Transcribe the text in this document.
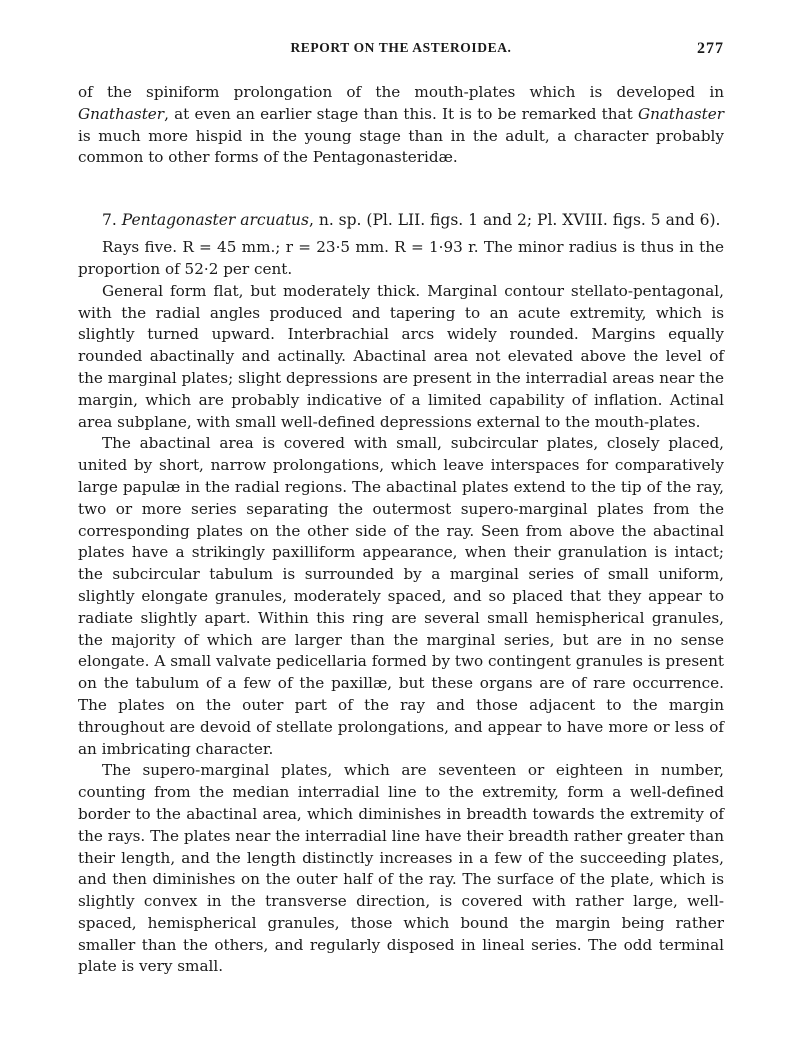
REPORT ON THE ASTEROIDEA.	277

of the spiniform prolongation of the mouth-plates which is developed in Gnathaster, at even an earlier stage than this. It is to be remarked that Gnathaster is much more hispid in the young stage than in the adult, a character probably common to other forms of the Pentagonasteridæ.

7. Pentagonaster arcuatus, n. sp. (Pl. LII. figs. 1 and 2; Pl. XVIII. figs. 5 and 6).

Rays five. R = 45 mm.; r = 23·5 mm. R = 1·93 r. The minor radius is thus in the proportion of 52·2 per cent.

General form flat, but moderately thick. Marginal contour stellato-pentagonal, with the radial angles produced and tapering to an acute extremity, which is slightly turned upward. Interbrachial arcs widely rounded. Margins equally rounded abactinally and actinally. Abactinal area not elevated above the level of the marginal plates; slight depressions are present in the interradial areas near the margin, which are probably indicative of a limited capability of inflation. Actinal area subplane, with small well-defined depressions external to the mouth-plates.

The abactinal area is covered with small, subcircular plates, closely placed, united by short, narrow prolongations, which leave interspaces for comparatively large papulæ in the radial regions. The abactinal plates extend to the tip of the ray, two or more series separating the outermost supero-marginal plates from the corresponding plates on the other side of the ray. Seen from above the abactinal plates have a strikingly paxilliform appearance, when their granulation is intact; the subcircular tabulum is surrounded by a marginal series of small uniform, slightly elongate granules, moderately spaced, and so placed that they appear to radiate slightly apart. Within this ring are several small hemispherical granules, the majority of which are larger than the marginal series, but are in no sense elongate. A small valvate pedicellaria formed by two contingent granules is present on the tabulum of a few of the paxillæ, but these organs are of rare occurrence. The plates on the outer part of the ray and those adjacent to the margin throughout are devoid of stellate prolongations, and appear to have more or less of an imbricating character.

The supero-marginal plates, which are seventeen or eighteen in number, counting from the median interradial line to the extremity, form a well-defined border to the abactinal area, which diminishes in breadth towards the extremity of the rays. The plates near the interradial line have their breadth rather greater than their length, and the length distinctly increases in a few of the succeeding plates, and then diminishes on the outer half of the ray. The surface of the plate, which is slightly convex in the transverse direction, is covered with rather large, well-spaced, hemispherical granules, those which bound the margin being rather smaller than the others, and regularly disposed in lineal series. The odd terminal plate is very small.
